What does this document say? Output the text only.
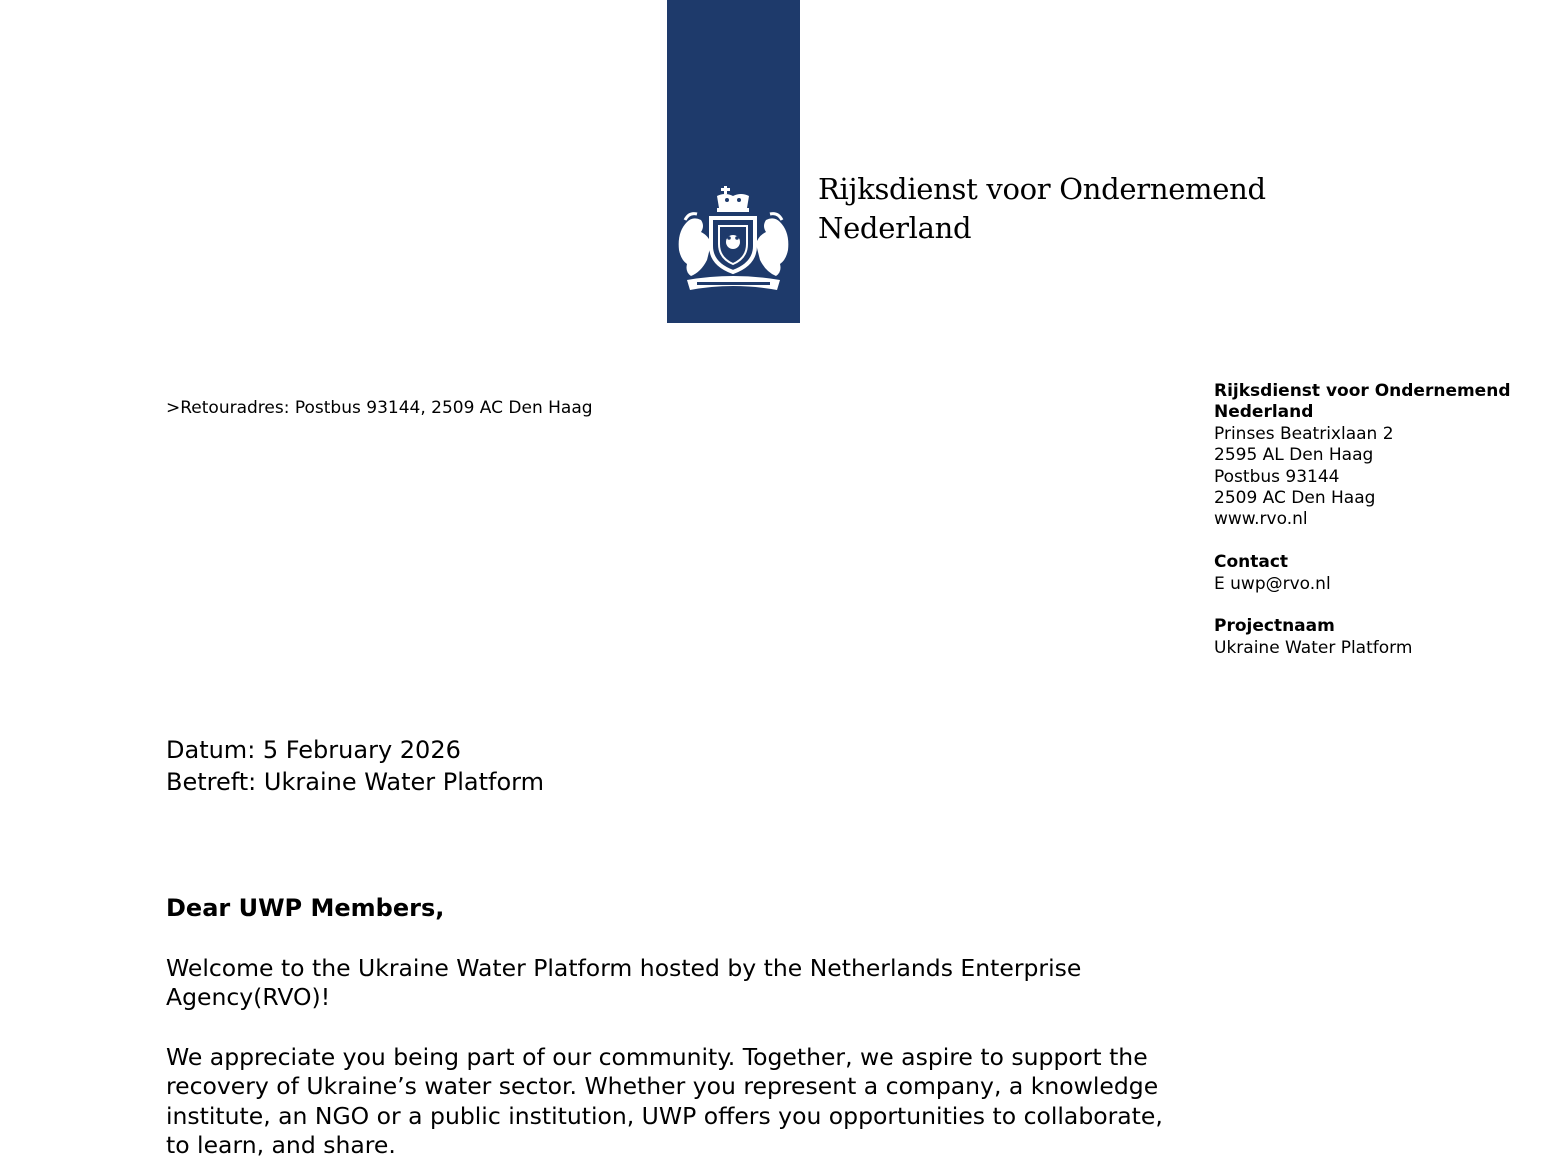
Rijksdienst voor Ondernemend
Nederland
>Retouradres: Postbus 93144, 2509 AC Den Haag
Rijksdienst voor Ondernemend
Nederland
Prinses Beatrixlaan 2
2595 AL Den Haag
Postbus 93144
2509 AC Den Haag
www.rvo.nl
Contact
E uwp@rvo.nl
Projectnaam
Ukraine Water Platform
Datum: 5 February 2026
Betreft: Ukraine Water Platform
Dear UWP Members,

Welcome to the Ukraine Water Platform hosted by the Netherlands Enterprise Agency(RVO)!

We appreciate you being part of our community. Together, we aspire to support the recovery of Ukraine’s water sector. Whether you represent a company, a knowledge institute, an NGO or a public institution, UWP offers you opportunities to collaborate, to learn, and share.
